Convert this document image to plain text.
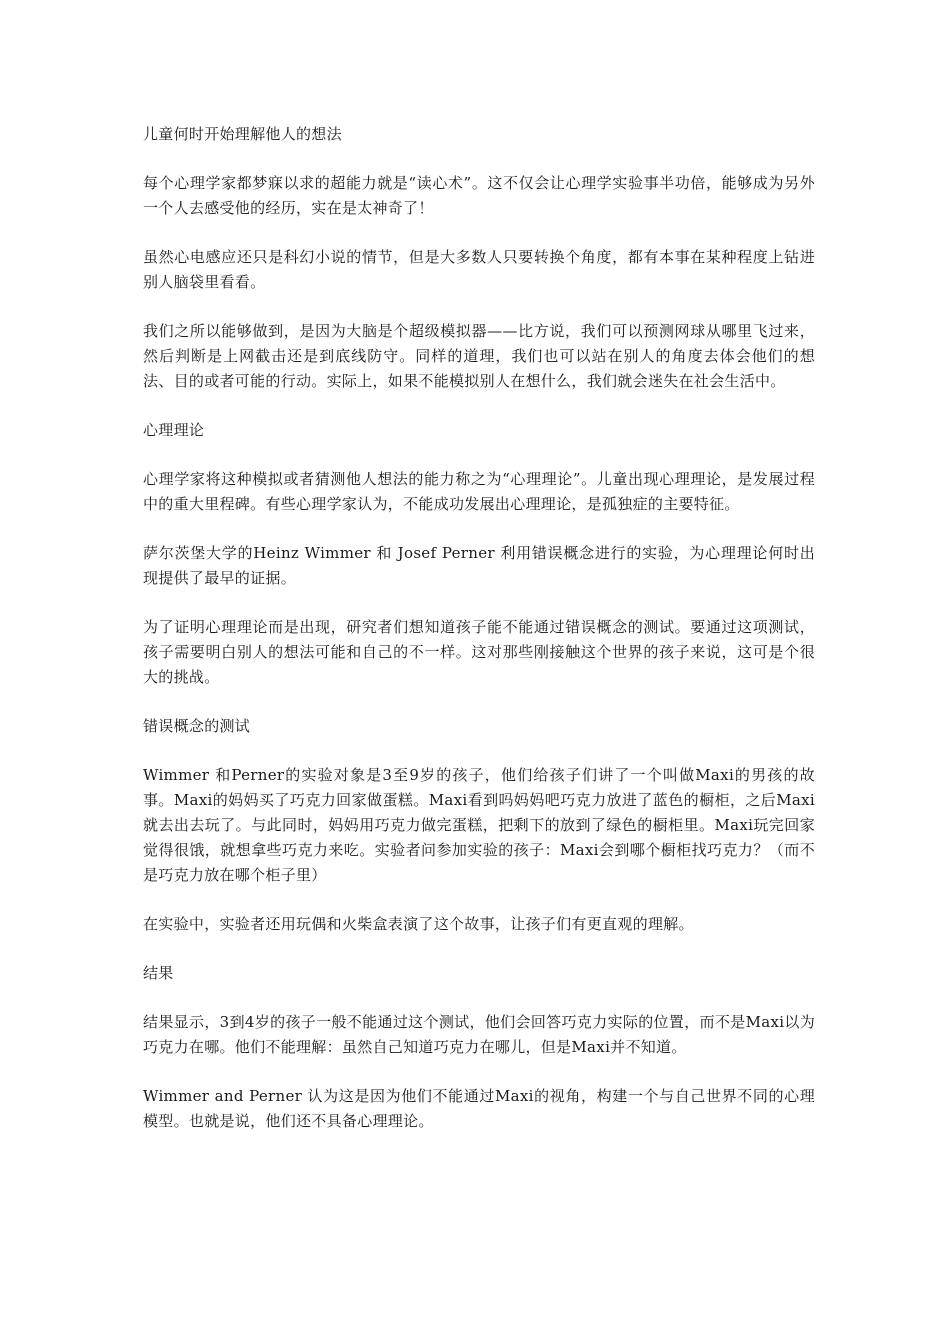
儿童何时开始理解他人的想法
每个心理学家都梦寐以求的超能力就是“读心术”。这不仅会让心理学实验事半功倍，能够成为另外一个人去感受他的经历，实在是太神奇了！
虽然心电感应还只是科幻小说的情节，但是大多数人只要转换个角度，都有本事在某种程度上钻进别人脑袋里看看。
我们之所以能够做到，是因为大脑是个超级模拟器——比方说，我们可以预测网球从哪里飞过来，然后判断是上网截击还是到底线防守。同样的道理，我们也可以站在别人的角度去体会他们的想法、目的或者可能的行动。实际上，如果不能模拟别人在想什么，我们就会迷失在社会生活中。
心理理论
心理学家将这种模拟或者猜测他人想法的能力称之为“心理理论”。儿童出现心理理论，是发展过程中的重大里程碑。有些心理学家认为，不能成功发展出心理理论，是孤独症的主要特征。
萨尔茨堡大学的Heinz Wimmer 和 Josef Perner 利用错误概念进行的实验，为心理理论何时出现提供了最早的证据。
为了证明心理理论而是出现，研究者们想知道孩子能不能通过错误概念的测试。要通过这项测试，孩子需要明白别人的想法可能和自己的不一样。这对那些刚接触这个世界的孩子来说，这可是个很大的挑战。
错误概念的测试
Wimmer 和Perner的实验对象是3至9岁的孩子，他们给孩子们讲了一个叫做Maxi的男孩的故事。Maxi的妈妈买了巧克力回家做蛋糕。Maxi看到吗妈妈吧巧克力放进了蓝色的橱柜，之后Maxi就去出去玩了。与此同时，妈妈用巧克力做完蛋糕，把剩下的放到了绿色的橱柜里。Maxi玩完回家觉得很饿，就想拿些巧克力来吃。实验者问参加实验的孩子：Maxi会到哪个橱柜找巧克力？（而不是巧克力放在哪个柜子里）
在实验中，实验者还用玩偶和火柴盒表演了这个故事，让孩子们有更直观的理解。
结果
结果显示，3到4岁的孩子一般不能通过这个测试，他们会回答巧克力实际的位置，而不是Maxi以为巧克力在哪。他们不能理解：虽然自己知道巧克力在哪儿，但是Maxi并不知道。
Wimmer and Perner 认为这是因为他们不能通过Maxi的视角，构建一个与自己世界不同的心理模型。也就是说，他们还不具备心理理论。
